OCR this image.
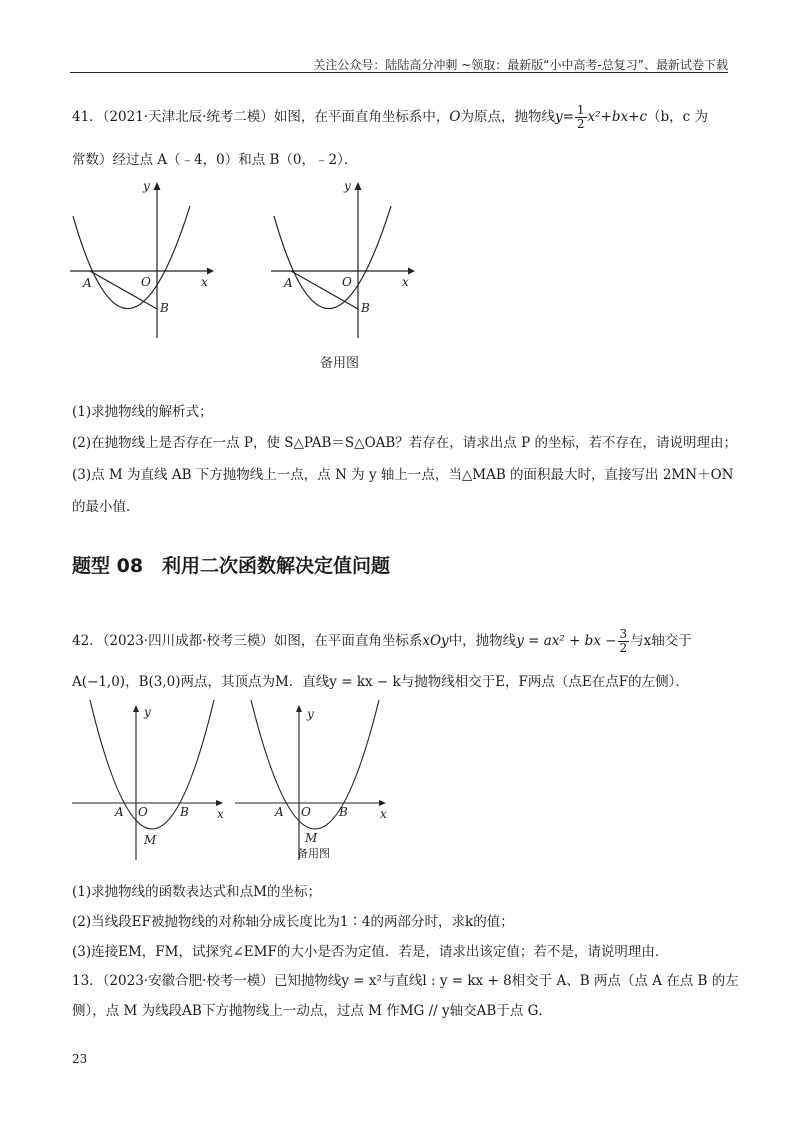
关注公众号：陆陆高分冲刺 ~领取：最新版“小中高考-总复习”、最新试卷下载
41．（2021·天津北辰·统考二模）如图，在平面直角坐标系中，O为原点，抛物线$y= \frac{1}{2} x^2+bx+c(b$，c 为
常数）经过点 A（﹣4，0）和点 B（0，﹣2）．
y
x
O
A
B
y
x
O
A
B
备用图
(1)求抛物线的解析式；
(2)在抛物线上是否存在一点 P，使 S△PAB＝S△OAB？若存在，请求出点 P 的坐标，若不存在，请说明理由；
(3)点 M 为直线 AB 下方抛物线上一点，点 N 为 y 轴上一点，当△MAB 的面积最大时，直接写出 2MN＋ON
的最小值．
题型 08　利用二次函数解决定值问题
42．（2023·四川成都·校考三模）如图，在平面直角坐标系xOy中，抛物线y = ax² + bx − $\frac{3}{2}$ 与x轴交于
A(−1,0)，B(3,0)两点，其顶点为M．直线y = kx − k与抛物线相交于E，F两点（点E在点F的左侧）．
y
x
O
A	B
M
y
x
O
A	B
M
备用图
(1)求抛物线的函数表达式和点M的坐标；
(2)当线段EF被抛物线的对称轴分成长度比为1∶4的两部分时，求k的值；
(3)连接EM，FM，试探究∠EMF的大小是否为定值．若是，请求出该定值；若不是，请说明理由．
13．（2023·安徽合肥·校考一模）已知抛物线y = x²与直线l : y = kx + 8相交于 A、B 两点（点 A 在点 B 的左
侧），点 M 为线段AB下方抛物线上一动点，过点 M 作MG // y轴交AB于点 G．
23
